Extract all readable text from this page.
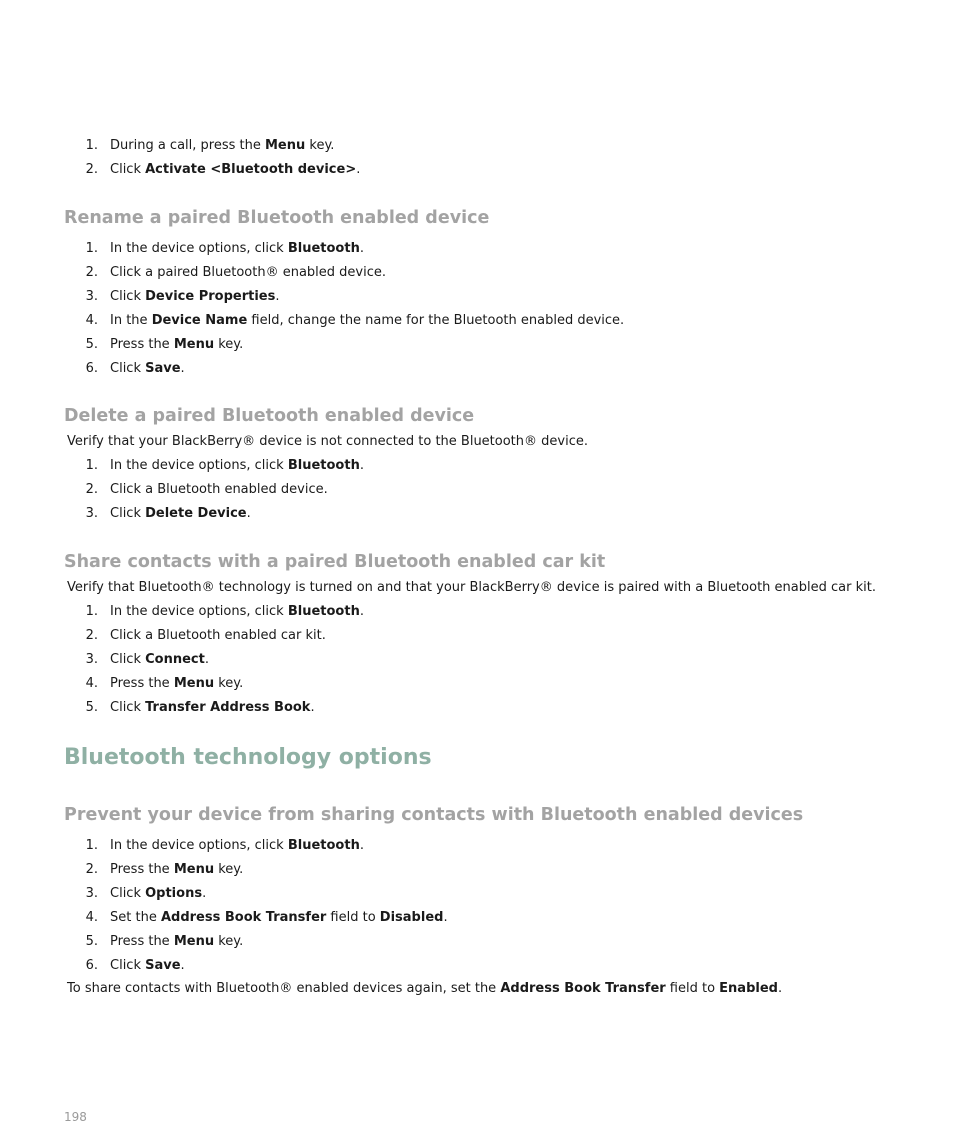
1. During a call, press the Menu key.
2. Click Activate <Bluetooth device>.
Rename a paired Bluetooth enabled device
1. In the device options, click Bluetooth.
2. Click a paired Bluetooth® enabled device.
3. Click Device Properties.
4. In the Device Name field, change the name for the Bluetooth enabled device.
5. Press the Menu key.
6. Click Save.
Delete a paired Bluetooth enabled device

Verify that your BlackBerry® device is not connected to the Bluetooth® device.

1. In the device options, click Bluetooth.
2. Click a Bluetooth enabled device.
3. Click Delete Device.
Share contacts with a paired Bluetooth enabled car kit

Verify that Bluetooth® technology is turned on and that your BlackBerry® device is paired with a Bluetooth enabled car kit.

1. In the device options, click Bluetooth.
2. Click a Bluetooth enabled car kit.
3. Click Connect.
4. Press the Menu key.
5. Click Transfer Address Book.
Bluetooth technology options
Prevent your device from sharing contacts with Bluetooth enabled devices
1. In the device options, click Bluetooth.
2. Press the Menu key.
3. Click Options.
4. Set the Address Book Transfer field to Disabled.
5. Press the Menu key.
6. Click Save.

To share contacts with Bluetooth® enabled devices again, set the Address Book Transfer field to Enabled.

198
